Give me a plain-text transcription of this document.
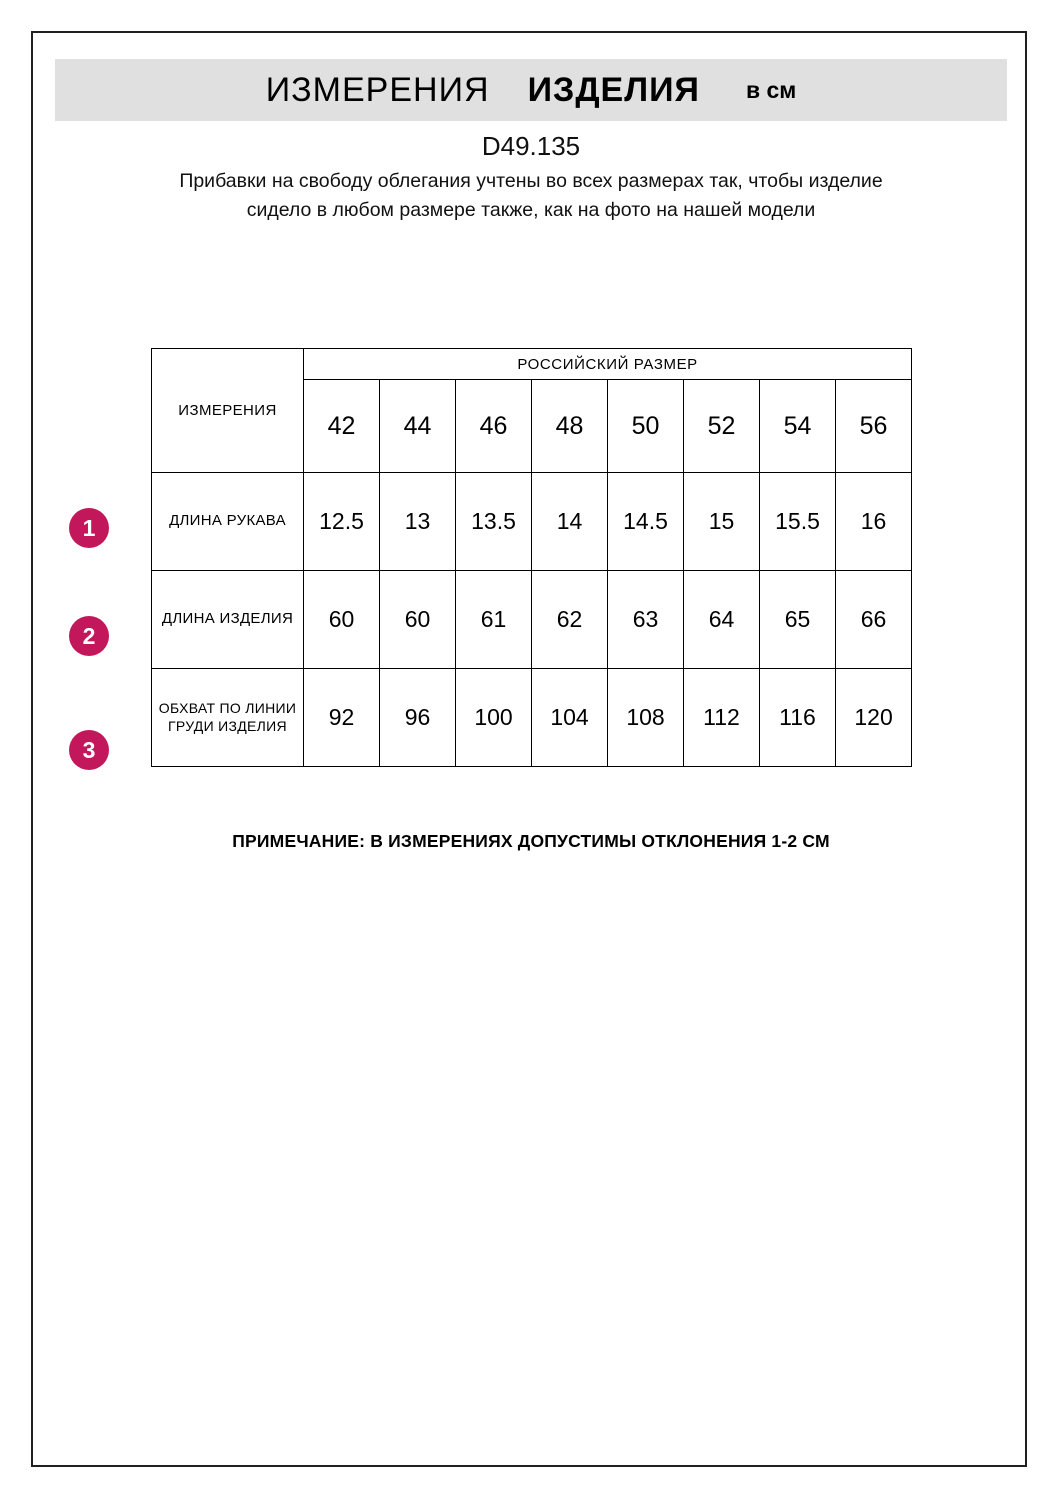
ИЗМЕРЕНИЯ ИЗДЕЛИЯ в см
D49.135
Прибавки на свободу облегания учтены во всех размерах так, чтобы изделие сидело в любом размере также, как на фото на нашей модели
1
2
3
ИЗМЕРЕНИЯ	РОССИЙСКИЙ РАЗМЕР							
	42	44	46	48	50	52	54	56
ДЛИНА РУКАВА	12.5	13	13.5	14	14.5	15	15.5	16
ДЛИНА ИЗДЕЛИЯ	60	60	61	62	63	64	65	66
ОБХВАТ ПО ЛИНИИ ГРУДИ ИЗДЕЛИЯ	92	96	100	104	108	112	116	120
ПРИМЕЧАНИЕ: В ИЗМЕРЕНИЯХ ДОПУСТИМЫ ОТКЛОНЕНИЯ 1-2 СМ
